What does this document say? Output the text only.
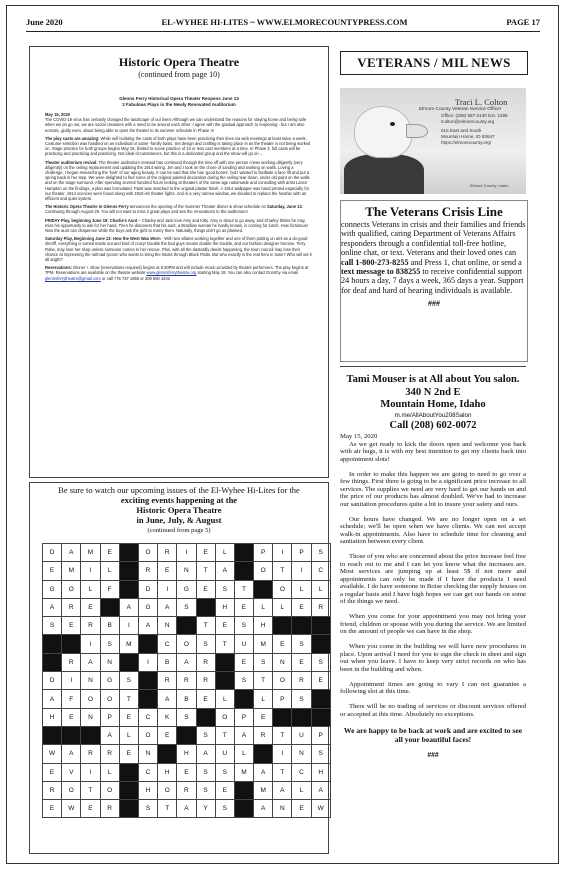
June 2020	EL-WYHEE HI-LITES ~ WWW.ELMORECOUNTYPRESS.COM	PAGE 17
Historic Opera Theatre
(continued from page 10)
Glenns Ferry Historical Opera Theater Reopens June 13
2 Fabulous Plays in the Newly Renovated Auditorium

May 15, 2020
The COVID-19 virus has certainly changed the landscape of our lives! Although we can understand the reasons for staying home and being safe when we do go out, we are social creatures with a need to be around each other. I agree with the gradual approach to reopening - but I am also ecstatic, giddy even, about being able to open the theater to its summer schedule in Phase 4!

The play casts are amazing: While self isolating the casts of both plays have been practicing their lines via web meetings at least twice a week. Costume selection was handled on an individual or same -family basis. Set design and crafting is taking place in as the theater is not being worked on. Stage practice for both groups begins May 16, limited to scene practice of 10 or less cast members at a time. In Phase 3, full casts will be practicing and practicing and practicing. Not ideal circumstances, but this is a dedicated group and the show will go on ...

Theater auditorium revival: The theater auditorium renewal has continued through the time off with one person crews working diligently (very diligently) on the ceiling replacement and updating the 1914 wiring. Jim and I took on the chore of sanding and working on walls. Loving a challenge, I began researching the 'look' of our aging beauty. It can be said that she has 'good bones', but I wanted to facilitate a face lift and put a spring back in her step. We were delighted to find some of the original painted decoration during the ceiling tear down, under old paint on the walls and on the stage surround. After spending several hundred hours looking at theaters of the same age nationwide and consulting with artist Lance Hampton on the findings, a plan was formulated. Paint was matched to the original plaster finish. A 1914 wallpaper was hand printed especially for our theater. 1914 sconces were found along with 1910-ish theater lights. And in a very narrow window, we decided to replace the heat/ac with an efficient and quiet system.

The Historic Opera Theatre in Glenns Ferry announces the opening of the Summer Theater dinner & show schedule on Saturday, June 13. Continuing through August 29. You will not want to miss 2 great plays and see the renovations to the auditorium!

FRIDAY Play, beginning June 19: Charlie's Aunt – Charley and Jack love Amy and Kitty. Amy is about to go away, and Charley thinks he may miss his opportunity to ask for her hand. Then he discovers that his aunt, a Brazilian woman he hardly knows, is coming for lunch. How fortuitous! Now the aunt can chaperone while the boys ask the girls to marry them. Naturally, things don't go as planned.

Saturday Play, Beginning June 13: How the West Was Worn - With two villains working together and one of them putting on airs as a do-good sheriff, everything is turned inside out and kind of crazy! Double the bad guys means double the trouble, and our fashion designer heroine, Terry Robe, may lose her shop unless someone comes to her rescue. Plus, with all the dastardly deeds happening, the town council may lose their chance at impressing the railroad tycoon who wants to bring the tracks through Black Flatts. But who exactly is the real hero in town? Who will set it all aright?

Reservations: Dinner + show (reservations required) begins at 5:30PM and will include music provided by theatre performers. The play begins at 7PM. Reservations are available on the theatre website www.glennsferrytheatre.org starting May 18. You can also contact Dorothy via email glennsferrytheatre@gmail.com or call 775 737 1955 or 208 580 4202

Be sure to watch our upcoming issues of the El-Wyhee Hi-Lites for the
exciting events happening at the
Historic Opera Theatre
in June, July, & August
(continued from page 5)
D	A	M	E		O	R	I	E	L		P	I	P	S
E	M	I	L		R	E	N	T	A		O	T	I	C
G	O	L	F		D	I	G	E	S	T		O	L	L
A	R	E		A	G	A	S		H	E	L	L	E	R
S	E	R	B	I	A	N		T	E	S	H			
		I	S	M		C	O	S	T	U	M	E	S	
	R	A	N		I	B	A	R		E	S	N	E	S
D	I	N	G	S		R	R	R		S	T	O	R	E
A	F	O	O	T		A	B	E	L		L	P	S	
H	E	N	P	E	C	K	S		O	P	E			
			A	L	O	E		S	T	A	R	T	U	P
W	A	R	R	E	N		H	A	U	L		I	N	S
E	V	I	L		C	H	E	S	S	M	A	T	C	H
R	O	T	O		H	O	R	S	E		M	A	L	A
E	W	E	R		S	T	A	Y	S		A	N	E	W
VETERANS / MIL NEWS
Traci L. Colton
Elmore County Veteran Service Officer
Office: (208) 587-2130 Ext. 1296
tcolton@elmorecounty.org
515 East and South
Mountain Home, ID 83647
https://elmorecounty.org/
Elmore County, Idaho
The Veterans Crisis Line
connects Veterans in crisis and their families and friends with qualified, caring Department of Veterans Affairs responders through a confidential toll-free hotline, online chat, or text. Veterans and their loved ones can call 1-800-273-8255 and Press 1, chat online, or send a text message to 838255 to receive confidential support 24 hours a day, 7 days a week, 365 days a year. Support for deaf and hard of hearing individuals is available.
###
Tami Mouser is at All about You salon.
340 N 2nd E
Mountain Home, Idaho
m.me/AllAboutYou208Salon
Call (208) 602-0072

May 15, 2020

As we get ready to kick the doors open and welcome you back with air hugs, it is with my best intention to get my clients back into appointment slots!

In order to make this happen we are going to need to go over a few things. First there is going to be a significant price increase to all services. The supplies we need are very hard to get our hands on and the price of our products has almost doubled. We've had to increase our sanitation procedures quite a bit to insure your safety and ours.

Our hours have changed. We are no longer open on a set schedule; we'll be open when we have clients. We can not accept walk-in appointments. Also have to schedule time for cleaning and sanitation between every client.

Those of you who are concerned about the price increase feel free to reach out to me and I can let you know what the increases are. Most services are jumping up at least 5$ if not more and appointments can only be made if I have the products I need available. I do have someone in Boise checking the supply houses on a regular basis and I have high hopes we can get our hands on some of the things we need.

When you come for your appointment you may not bring your friend, children or spouse with you during the service. We are limited on the amount of people we can have in the shop.

When you come in the building we will have new procedures in place. Upon arrival I need for you to sign the check in sheet and sign out when you leave. I have to keep very strict records on who has been in the building and when.

Appointment times are going to vary I can not guarantee a following slot at this time.

There will be no trading of services or discount services offered or accepted at this time. Absolutely no exceptions.

We are happy to be back at work and are excited to see all your beautiful faces!

###
